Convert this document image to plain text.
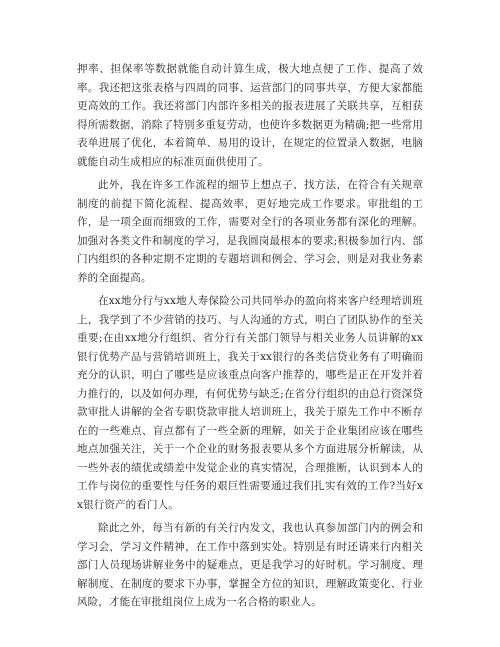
押率、担保率等数据就能自动计算生成，极大地点便了工作、提高了效率。我还把这张表格与四周的同事、运营部门的同事共享，方便大家都能更高效的工作。我还将部门内部许多相关的报表进展了关联共享，互相获得所需数据，消除了特别多重复劳动，也使许多数据更为精确;把一些常用表单进展了优化，本着简单、易用的设计，在规定的位置录入数据，电脑就能自动生成相应的标准页面供使用了。

此外，我在许多工作流程的细节上想点子、找方法，在符合有关规章制度的前提下简化流程、提高效率，更好地完成工作要求。审批组的工作，是一项全面而细致的工作，需要对全行的各项业务都有深化的理解。加强对各类文件和制度的学习，是我圆岗最根本的要求;积极参加行内、部门内组织的各种定期不定期的专题培训和例会、学习会，则是对我业务素养的全面提高。

在xx地分行与xx地人寿保险公司共同举办的盈向将来客户经理培训班上，我学到了不少营销的技巧、与人沟通的方式，明白了团队协作的至关重要;在由xx地分行组织、省分行有关部门领导与相关业务人员讲解的xx银行优势产品与营销培训班上，我关于xx银行的各类信贷业务有了明确而充分的认识，明白了哪些是应该重点向客户推荐的，哪些是正在开发并着力推行的，以及如何办理，有何优势与缺乏;在省分行组织的由总行资深贷款审批人讲解的全省专职贷款审批人培训班上，我关于原先工作中不断存在的一些难点、盲点都有了一些全新的理解，如关于企业集团应该在哪些地点加强关注，关于一个企业的财务报表要从多个方面进展分析解读，从一些外表的绩优或绩差中发觉企业的真实情况，合理推断，认识到本人的工作与岗位的重要性与任务的艰巨性需要通过我们扎实有效的工作?当好xx银行资产的看门人。

除此之外，每当有新的有关行内发文，我也认真参加部门内的例会和学习会，学习文件精神，在工作中落到实处。特别是有时还请来行内相关部门人员现场讲解业务中的疑难点，更是我学习的好时机。学习制度、理解制度、在制度的要求下办事，掌握全方位的知识，理解政策变化、行业风险，才能在审批组岗位上成为一名合格的职业人。
